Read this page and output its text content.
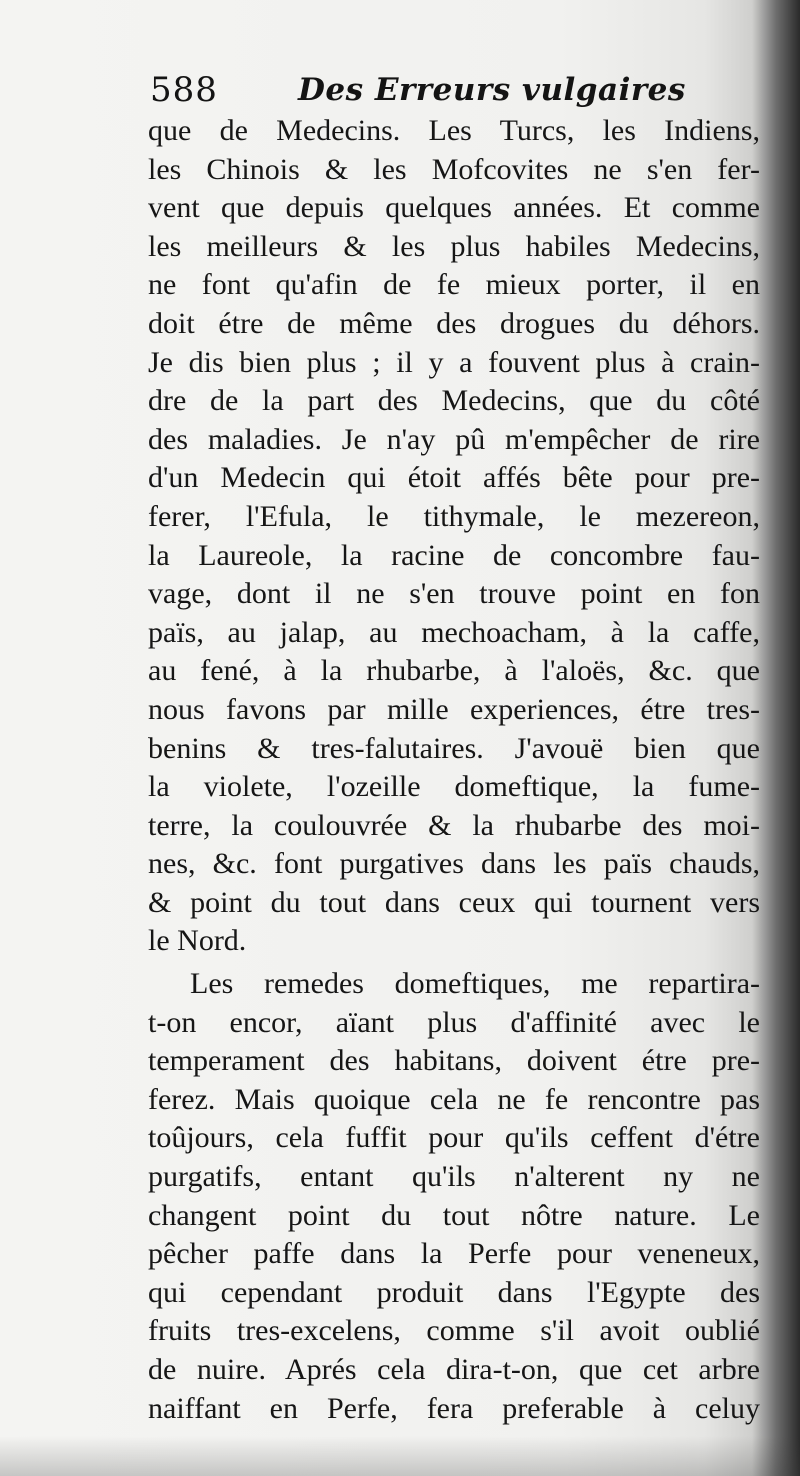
588	Des Erreurs vulgaires
que de Medecins. Les Turcs, les Indiens,
les Chinois & les Mofcovites ne s'en fer-
vent que depuis quelques années. Et comme
les meilleurs & les plus habiles Medecins,
ne font qu'afin de fe mieux porter, il en
doit étre de même des drogues du déhors.
Je dis bien plus ; il y a fouvent plus à crain-
dre de la part des Medecins, que du côté
des maladies. Je n'ay pû m'empêcher de rire
d'un Medecin qui étoit affés bête pour pre-
ferer, l'Efula, le tithymale, le mezereon,
la Laureole, la racine de concombre fau-
vage, dont il ne s'en trouve point en fon
païs, au jalap, au mechoacham, à la caffe,
au fené, à la rhubarbe, à l'aloës, &c. que
nous favons par mille experiences, étre tres-
benins & tres-falutaires. J'avouë bien que
la violete, l'ozeille domeftique, la fume-
terre, la coulouvrée & la rhubarbe des moi-
nes, &c. font purgatives dans les païs chauds,
& point du tout dans ceux qui tournent vers
le Nord.
Les remedes domeftiques, me repartira-
t-on encor, aïant plus d'affinité avec le
temperament des habitans, doivent étre pre-
ferez. Mais quoique cela ne fe rencontre pas
toûjours, cela fuffit pour qu'ils ceffent d'étre
purgatifs, entant qu'ils n'alterent ny ne
changent point du tout nôtre nature. Le
pêcher paffe dans la Perfe pour veneneux,
qui cependant produit dans l'Egypte des
fruits tres-excelens, comme s'il avoit oublié
de nuire. Aprés cela dira-t-on, que cet arbre
naiffant en Perfe, fera preferable à celuy
